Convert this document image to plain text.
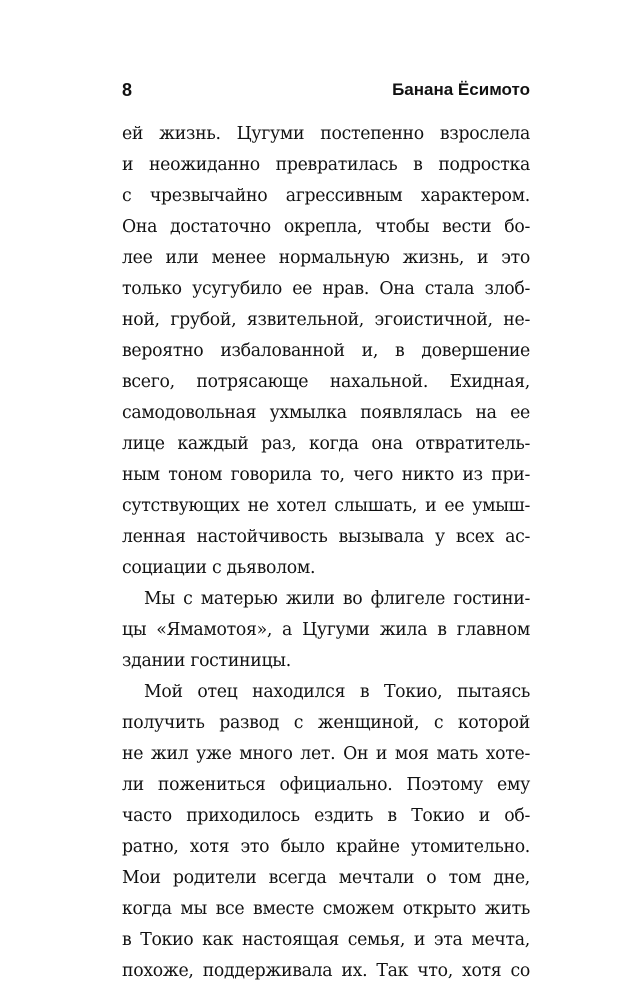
8	Банана Ёсимото
ей жизнь. Цугуми постепенно взрослела
и неожиданно превратилась в подростка
с чрезвычайно агрессивным характером.
Она достаточно окрепла, чтобы вести бо-
лее или менее нормальную жизнь, и это
только усугубило ее нрав. Она стала злоб-
ной, грубой, язвительной, эгоистичной, не-
вероятно избалованной и, в довершение
всего, потрясающе нахальной. Ехидная,
самодовольная ухмылка появлялась на ее
лице каждый раз, когда она отвратитель-
ным тоном говорила то, чего никто из при-
сутствующих не хотел слышать, и ее умыш-
ленная настойчивость вызывала у всех ас-
социации с дьяволом.
Мы с матерью жили во флигеле гостини-
цы «Ямамотоя», а Цугуми жила в главном
здании гостиницы.
Мой отец находился в Токио, пытаясь
получить развод с женщиной, с которой
не жил уже много лет. Он и моя мать хоте-
ли пожениться официально. Поэтому ему
часто приходилось ездить в Токио и об-
ратно, хотя это было крайне утомительно.
Мои родители всегда мечтали о том дне,
когда мы все вместе сможем открыто жить
в Токио как настоящая семья, и эта мечта,
похоже, поддерживала их. Так что, хотя со
